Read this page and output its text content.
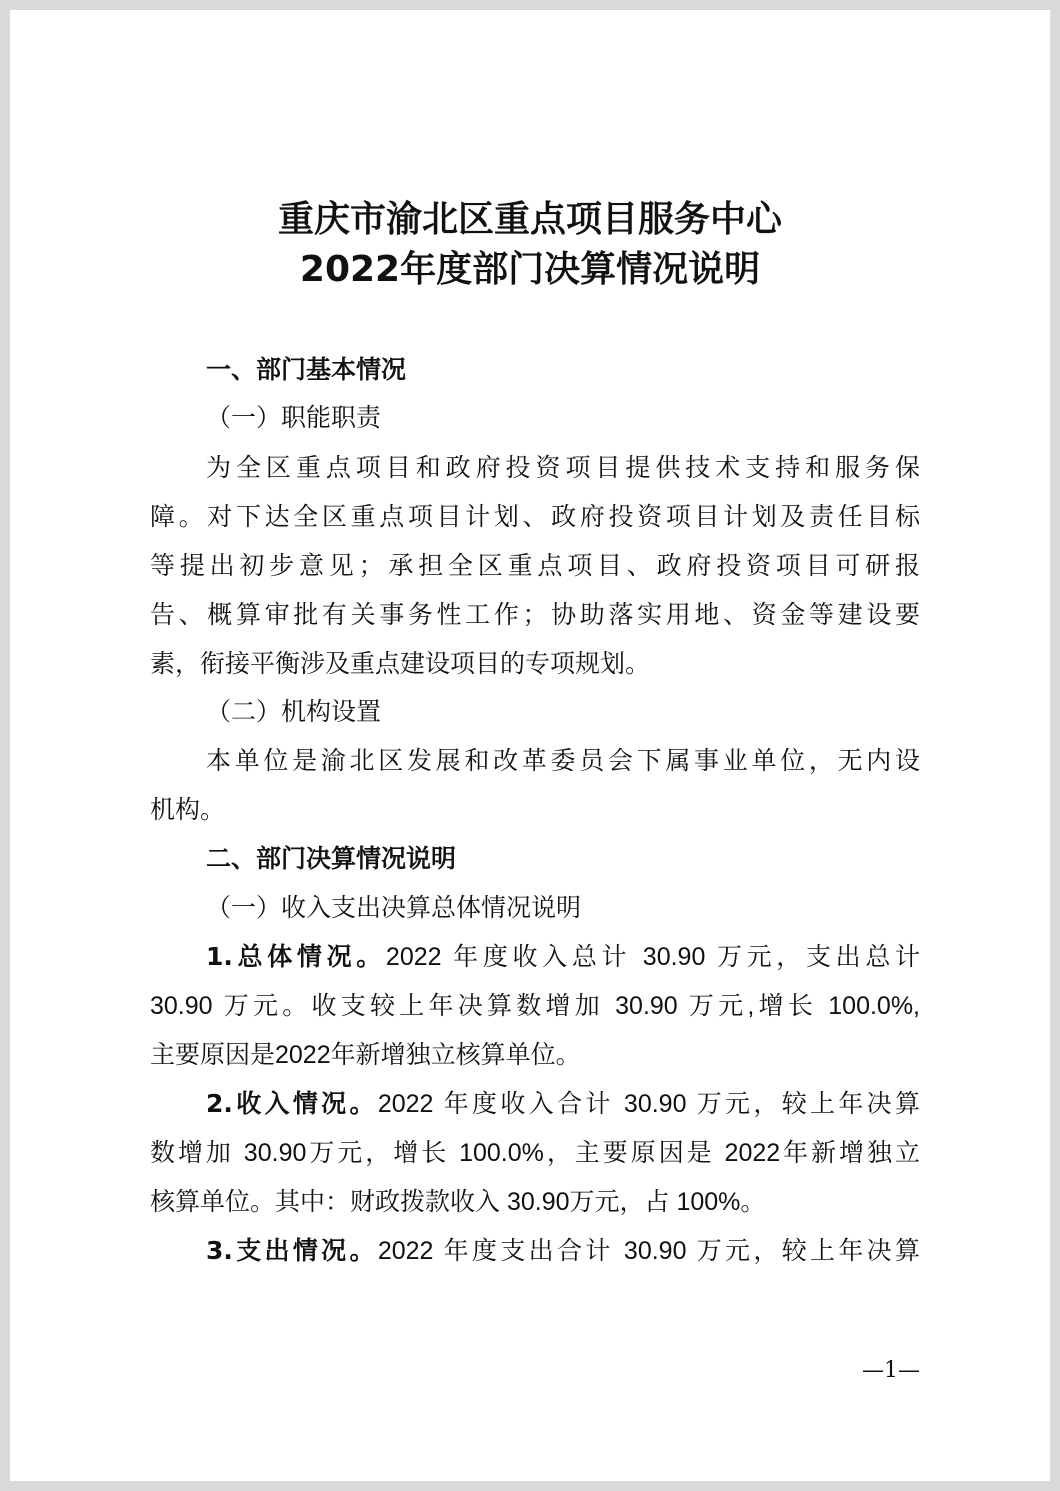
重庆市渝北区重点项目服务中心
2022年度部门决算情况说明

一、部门基本情况

（一）职能职责

为全区重点项目和政府投资项目提供技术支持和服务保

障。对下达全区重点项目计划、政府投资项目计划及责任目标

等提出初步意见；承担全区重点项目、政府投资项目可研报

告、概算审批有关事务性工作；协助落实用地、资金等建设要

素，衔接平衡涉及重点建设项目的专项规划。

（二）机构设置

本单位是渝北区发展和改革委员会下属事业单位，无内设

机构。

二、部门决算情况说明

（一）收入支出决算总体情况说明

1.总体情况。2022 年度收入总计 30.90 万元，支出总计

30.90 万元。收支较上年决算数增加 30.90 万元,增长 100.0%,

主要原因是2022年新增独立核算单位。

2.收入情况。2022 年度收入合计 30.90 万元，较上年决算

数增加 30.90万元，增长 100.0%，主要原因是 2022年新增独立

核算单位。其中：财政拨款收入 30.90万元，占 100%。

3.支出情况。2022 年度支出合计 30.90 万元，较上年决算

—1—
